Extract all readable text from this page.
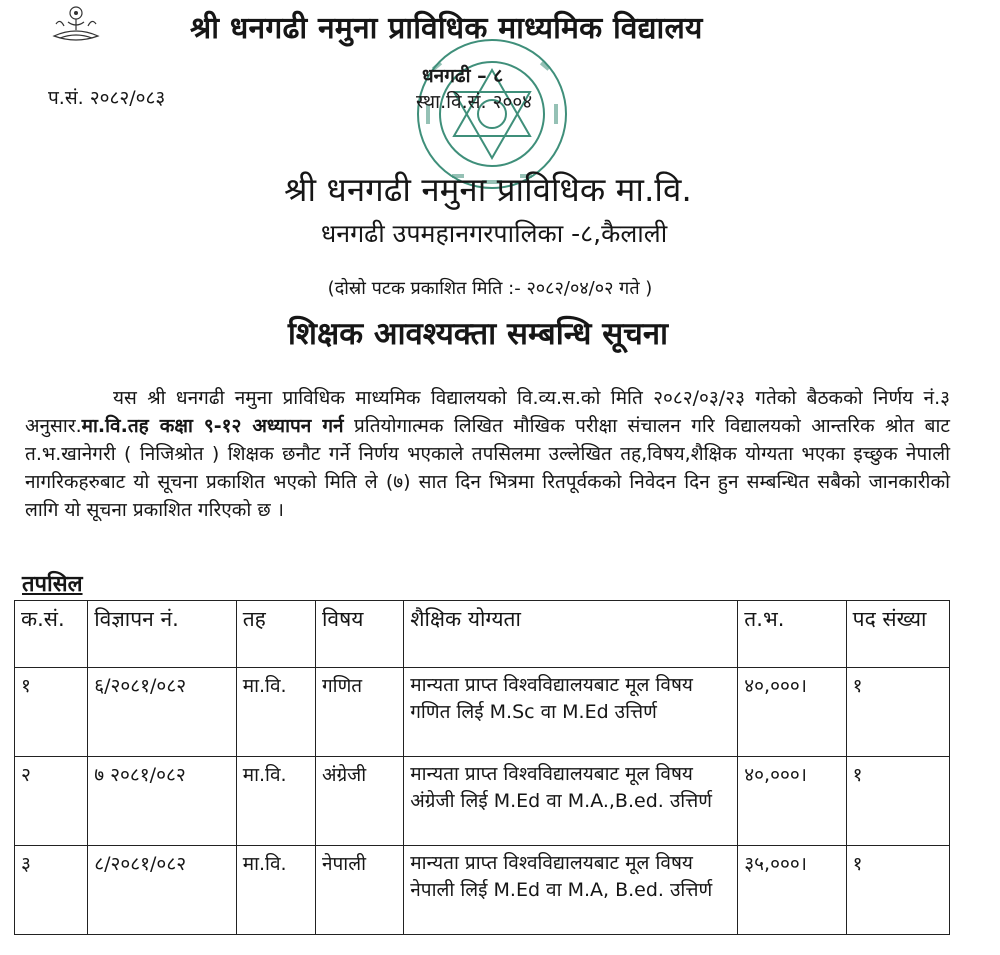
श्री धनगढी नमुना प्राविधिक माध्यमिक विद्यालय
प.सं. २०८२/०८३
धनगढी – ८
स्था.वि.सं. २००४
श्री धनगढी नमुना प्राविधिक मा.वि.
धनगढी उपमहानगरपालिका -८,कैलाली
(दोस्रो पटक प्रकाशित मिति :- २०८२/०४/०२ गते )
शिक्षक आवश्यक्ता सम्बन्धि सूचना
यस श्री धनगढी नमुना प्राविधिक माध्यमिक विद्यालयको वि.व्य.स.को मिति २०८२/०३/२३ गतेको बैठकको निर्णय नं.३ अनुसार.मा.वि.तह कक्षा ९-१२ अध्यापन गर्न प्रतियोगात्मक लिखित मौखिक परीक्षा संचालन गरि विद्यालयको आन्तरिक श्रोत बाट त.भ.खानेगरी ( निजिश्रोत ) शिक्षक छनौट गर्ने निर्णय भएकाले तपसिलमा उल्लेखित तह,विषय,शैक्षिक योग्यता भएका इच्छुक नेपाली नागरिकहरुबाट यो सूचना प्रकाशित भएको मिति ले (७) सात दिन भित्रमा रितपूर्वकको निवेदन दिन हुन सम्बन्धित सबैको जानकारीको लागि यो सूचना प्रकाशित गरिएको छ ।
तपसिल
क.सं.	विज्ञापन नं.	तह	विषय	शैक्षिक योग्यता	त.भ.	पद संख्या
१	६/२०८१/०८२	मा.वि.	गणित	मान्यता प्राप्त विश्वविद्यालयबाट मूल विषय गणित लिई M.Sc वा M.Ed उत्तिर्ण	४०,०००।	१
२	७ २०८१/०८२	मा.वि.	अंग्रेजी	मान्यता प्राप्त विश्वविद्यालयबाट मूल विषय अंग्रेजी लिई M.Ed वा M.A.,B.ed. उत्तिर्ण	४०,०००।	१
३	८/२०८१/०८२	मा.वि.	नेपाली	मान्यता प्राप्त विश्वविद्यालयबाट मूल विषय नेपाली लिई M.Ed वा M.A, B.ed. उत्तिर्ण	३५,०००।	१
